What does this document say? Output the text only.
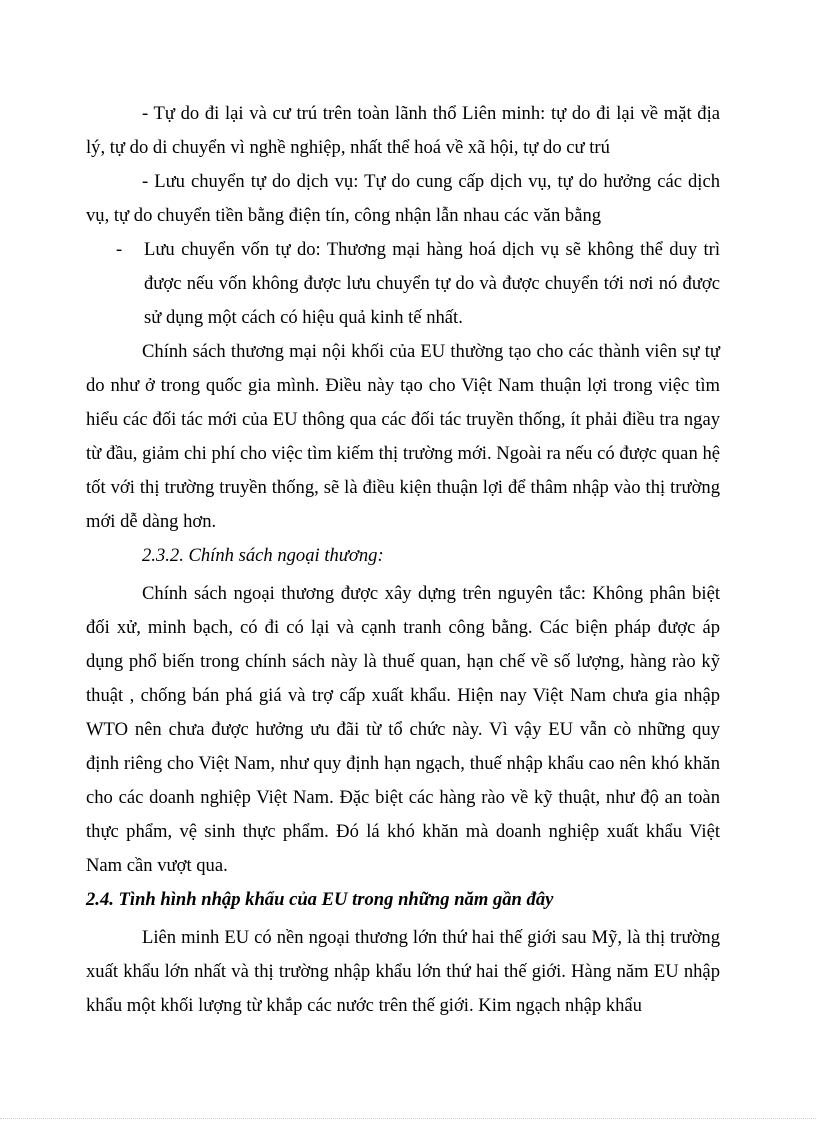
- Tự do đi lại và cư trú trên toàn lãnh thổ Liên minh: tự do đi lại về mặt địa lý, tự do di chuyển vì nghề nghiệp, nhất thể hoá về xã hội, tự do cư trú

- Lưu chuyển tự do dịch vụ: Tự do cung cấp dịch vụ, tự do hưởng các dịch vụ, tự do chuyển tiền bằng điện tín, công nhận lẫn nhau các văn bằng

- Lưu chuyển vốn tự do: Thương mại hàng hoá dịch vụ sẽ không thể duy trì được nếu vốn không được lưu chuyển tự do và được chuyển tới nơi nó được sử dụng một cách có hiệu quả kinh tế nhất.

Chính sách thương mại nội khối của EU thường tạo cho các thành viên sự tự do như ở trong quốc gia mình. Điều này tạo cho Việt Nam thuận lợi trong việc tìm hiểu các đối tác mới của EU thông qua các đối tác truyền thống, ít phải điều tra ngay từ đầu, giảm chi phí cho việc tìm kiếm thị trường mới. Ngoài ra nếu có được quan hệ tốt với thị trường truyền thống, sẽ là điều kiện thuận lợi để thâm nhập vào thị trường mới dễ dàng hơn.

2.3.2. Chính sách ngoại thương:

Chính sách ngoại thương được xây dựng trên nguyên tắc: Không phân biệt đối xử, minh bạch, có đi có lại và cạnh tranh công bằng. Các biện pháp được áp dụng phổ biến trong chính sách này là thuế quan, hạn chế về số lượng, hàng rào kỹ thuật , chống bán phá giá và trợ cấp xuất khẩu. Hiện nay Việt Nam chưa gia nhập WTO nên chưa được hưởng ưu đãi từ tổ chức này. Vì vậy EU vẫn cò những quy định riêng cho Việt Nam, như quy định hạn ngạch, thuế nhập khẩu cao nên khó khăn cho các doanh nghiệp Việt Nam. Đặc biệt các hàng rào về kỹ thuật, như độ an toàn thực phẩm, vệ sinh thực phẩm. Đó lá khó khăn mà doanh nghiệp xuất khẩu Việt Nam cần vượt qua.

2.4. Tình hình nhập khẩu của EU trong những năm gần đây

Liên minh EU có nền ngoại thương lớn thứ hai thế giới sau Mỹ, là thị trường xuất khẩu lớn nhất và thị trường nhập khẩu lớn thứ hai thế giới. Hàng năm EU nhập khẩu một khối lượng từ khắp các nước trên thế giới. Kim ngạch nhập khẩu
